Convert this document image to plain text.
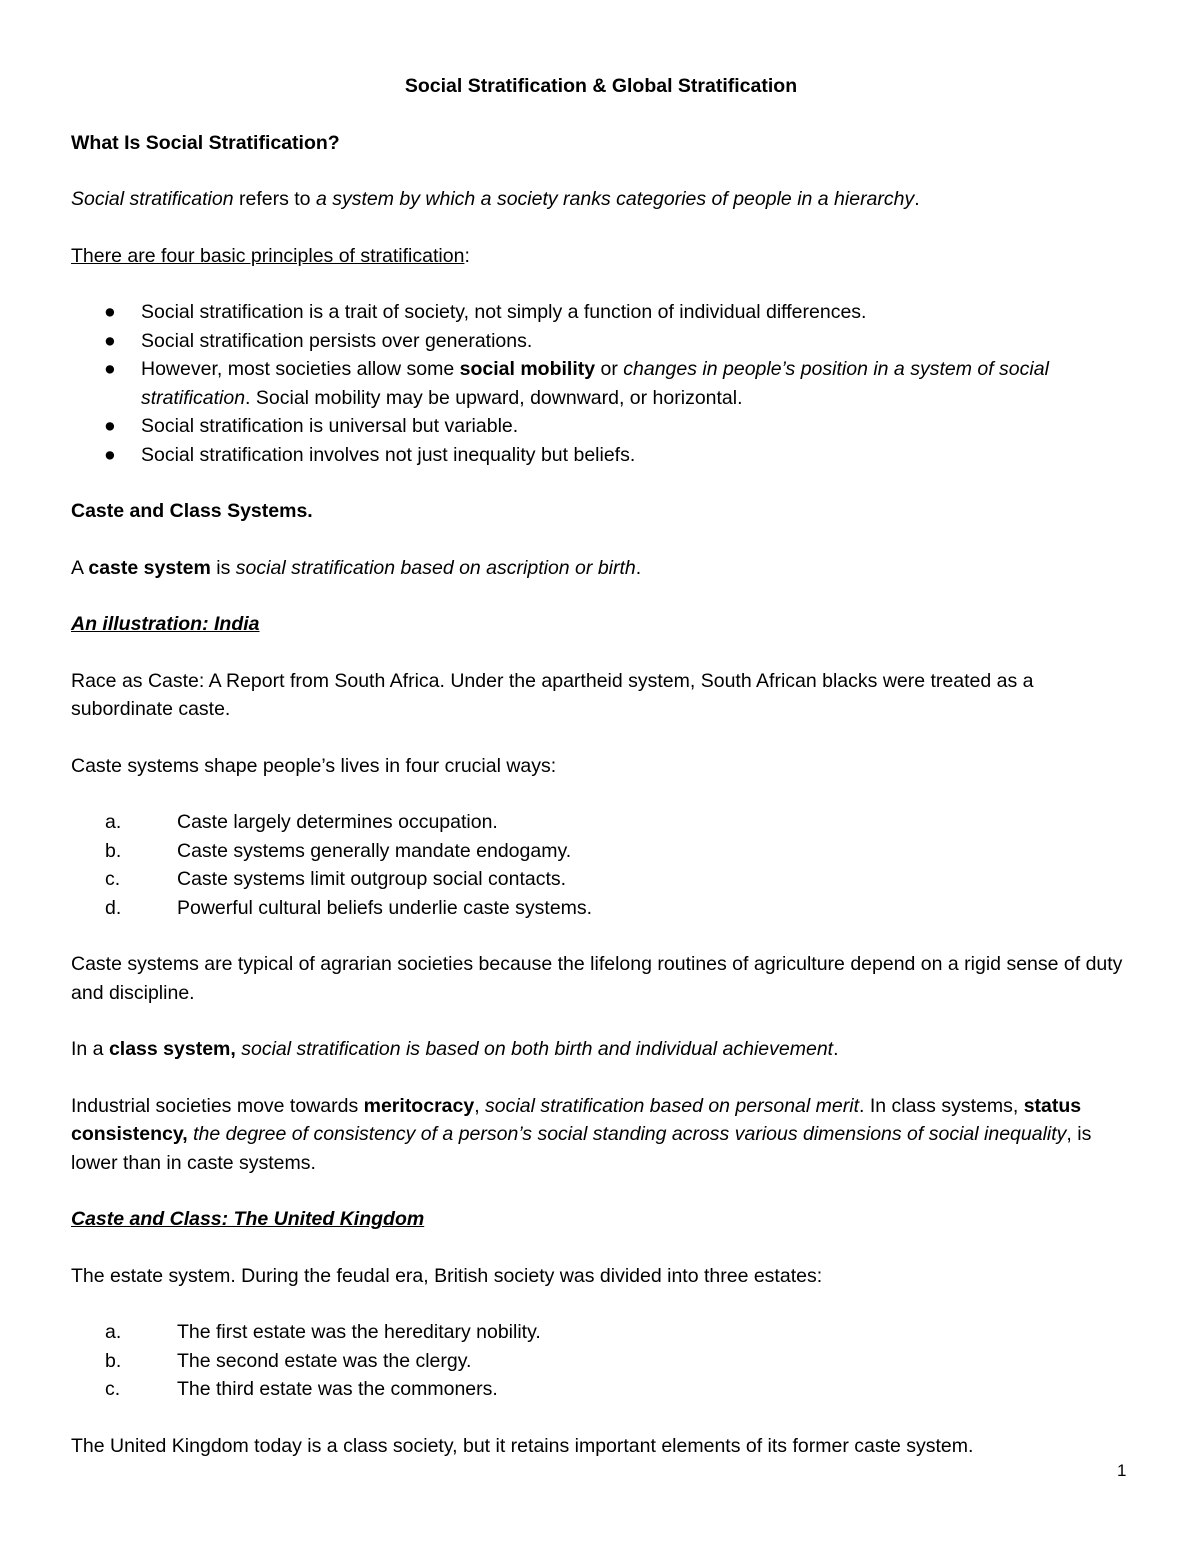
Social Stratification & Global Stratification

What Is Social Stratification?

Social stratification refers to a system by which a society ranks categories of people in a hierarchy.

There are four basic principles of stratification:

● Social stratification is a trait of society, not simply a function of individual differences.
● Social stratification persists over generations.
● However, most societies allow some social mobility or changes in people’s position in a system of social stratification. Social mobility may be upward, downward, or horizontal.
● Social stratification is universal but variable.
● Social stratification involves not just inequality but beliefs.

Caste and Class Systems.

A caste system is social stratification based on ascription or birth.

An illustration: India

Race as Caste: A Report from South Africa. Under the apartheid system, South African blacks were treated as a subordinate caste.

Caste systems shape people’s lives in four crucial ways:

a.	Caste largely determines occupation.
b.	Caste systems generally mandate endogamy.
c.	Caste systems limit outgroup social contacts.
d.	Powerful cultural beliefs underlie caste systems.

Caste systems are typical of agrarian societies because the lifelong routines of agriculture depend on a rigid sense of duty and discipline.

In a class system, social stratification is based on both birth and individual achievement.

Industrial societies move towards meritocracy, social stratification based on personal merit. In class systems, status consistency, the degree of consistency of a person’s social standing across various dimensions of social inequality, is lower than in caste systems.

Caste and Class: The United Kingdom

The estate system. During the feudal era, British society was divided into three estates:

a.	The first estate was the hereditary nobility.
b.	The second estate was the clergy.
c.	The third estate was the commoners.

The United Kingdom today is a class society, but it retains important elements of its former caste system.

1
